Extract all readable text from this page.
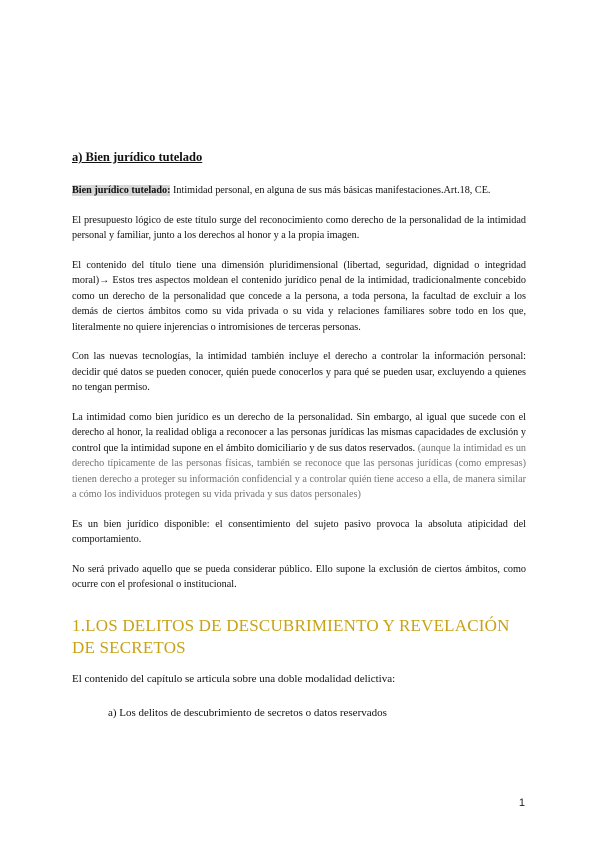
a) Bien jurídico tutelado

Bien jurídico tutelado: Intimidad personal, en alguna de sus más básicas manifestaciones.Art.18, CE.

El presupuesto lógico de este título surge del reconocimiento como derecho de la personalidad de la intimidad personal y familiar, junto a los derechos al honor y a la propia imagen.

El contenido del título tiene una dimensión pluridimensional (libertad, seguridad, dignidad o integridad moral)→ Estos tres aspectos moldean el contenido jurídico penal de la intimidad, tradicionalmente concebido como un derecho de la personalidad que concede a la persona, a toda persona, la facultad de excluir a los demás de ciertos ámbitos como su vida privada o su vida y relaciones familiares sobre todo en los que, literalmente no quiere injerencias o intromisiones de terceras personas.

Con las nuevas tecnologías, la intimidad también incluye el derecho a controlar la información personal: decidir qué datos se pueden conocer, quién puede conocerlos y para qué se pueden usar, excluyendo a quienes no tengan permiso.

La intimidad como bien jurídico es un derecho de la personalidad. Sin embargo, al igual que sucede con el derecho al honor, la realidad obliga a reconocer a las personas jurídicas las mismas capacidades de exclusión y control que la intimidad supone en el ámbito domiciliario y de sus datos reservados. (aunque la intimidad es un derecho típicamente de las personas físicas, también se reconoce que las personas jurídicas (como empresas) tienen derecho a proteger su información confidencial y a controlar quién tiene acceso a ella, de manera similar a cómo los individuos protegen su vida privada y sus datos personales)

Es un bien jurídico disponible: el consentimiento del sujeto pasivo provoca la absoluta atipicidad del comportamiento.

No será privado aquello que se pueda considerar público. Ello supone la exclusión de ciertos ámbitos, como ocurre con el profesional o institucional.

1.LOS DELITOS DE DESCUBRIMIENTO Y REVELACIÓN DE SECRETOS
El contenido del capítulo se articula sobre una doble modalidad delictiva:
a) Los delitos de descubrimiento de secretos o datos reservados
1
